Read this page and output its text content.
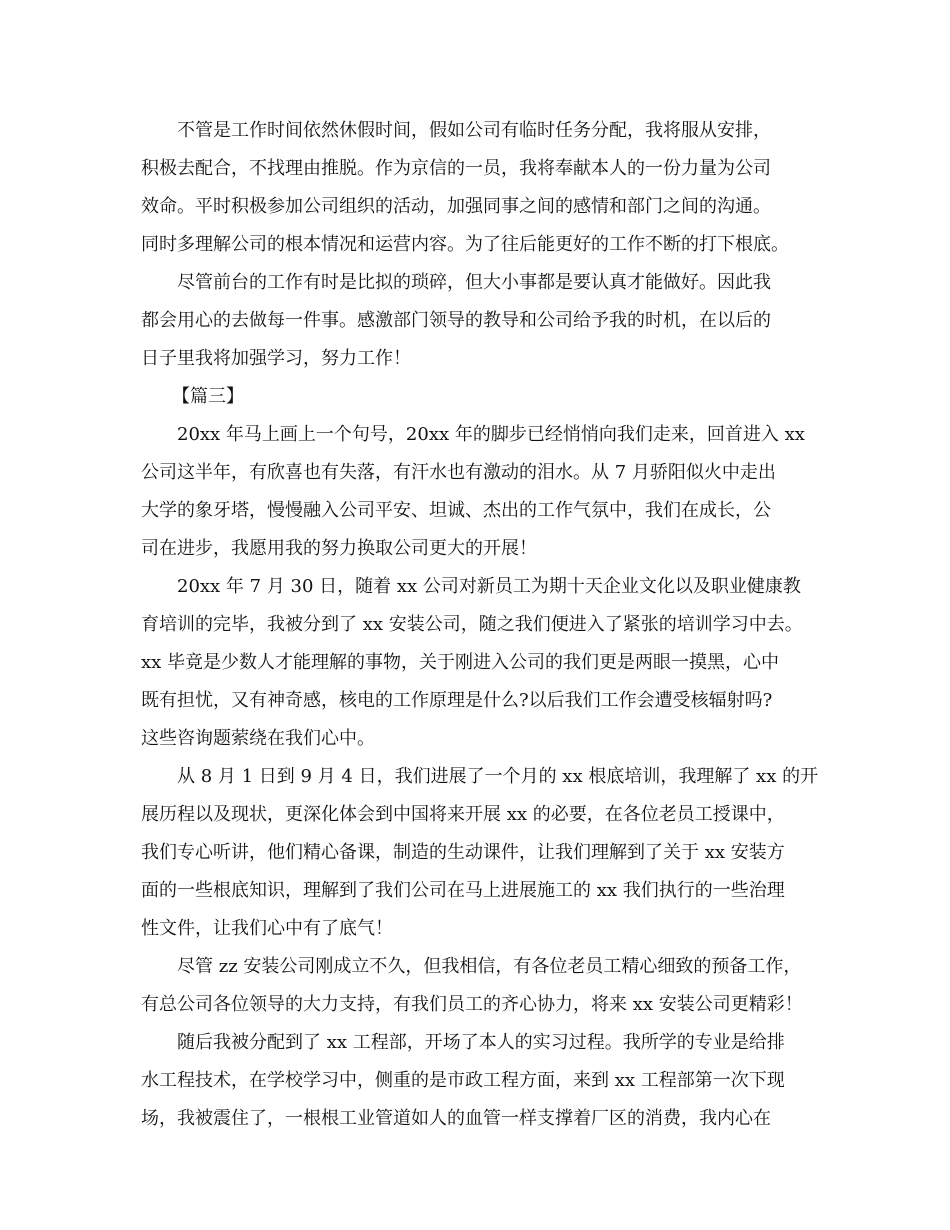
不管是工作时间依然休假时间，假如公司有临时任务分配，我将服从安排，
积极去配合，不找理由推脱。作为京信的一员，我将奉献本人的一份力量为公司
效命。平时积极参加公司组织的活动，加强同事之间的感情和部门之间的沟通。
同时多理解公司的根本情况和运营内容。为了往后能更好的工作不断的打下根底。
尽管前台的工作有时是比拟的琐碎，但大小事都是要认真才能做好。因此我
都会用心的去做每一件事。感激部门领导的教导和公司给予我的时机，在以后的
日子里我将加强学习，努力工作！
【篇三】
20xx 年马上画上一个句号，20xx 年的脚步已经悄悄向我们走来，回首进入 xx
公司这半年，有欣喜也有失落，有汗水也有激动的泪水。从 7 月骄阳似火中走出
大学的象牙塔，慢慢融入公司平安、坦诚、杰出的工作气氛中，我们在成长，公
司在进步，我愿用我的努力换取公司更大的开展！
20xx 年 7 月 30 日，随着 xx 公司对新员工为期十天企业文化以及职业健康教
育培训的完毕，我被分到了 xx 安装公司，随之我们便进入了紧张的培训学习中去。
xx 毕竟是少数人才能理解的事物，关于刚进入公司的我们更是两眼一摸黑，心中
既有担忧，又有神奇感，核电的工作原理是什么?以后我们工作会遭受核辐射吗?
这些咨询题萦绕在我们心中。
从 8 月 1 日到 9 月 4 日，我们进展了一个月的 xx 根底培训，我理解了 xx 的开
展历程以及现状，更深化体会到中国将来开展 xx 的必要，在各位老员工授课中，
我们专心听讲，他们精心备课，制造的生动课件，让我们理解到了关于 xx 安装方
面的一些根底知识，理解到了我们公司在马上进展施工的 xx 我们执行的一些治理
性文件，让我们心中有了底气！
尽管 zz 安装公司刚成立不久，但我相信，有各位老员工精心细致的预备工作，
有总公司各位领导的大力支持，有我们员工的齐心协力，将来 xx 安装公司更精彩！
随后我被分配到了 xx 工程部，开场了本人的实习过程。我所学的专业是给排
水工程技术，在学校学习中，侧重的是市政工程方面，来到 xx 工程部第一次下现
场，我被震住了，一根根工业管道如人的血管一样支撑着厂区的消费，我内心在
